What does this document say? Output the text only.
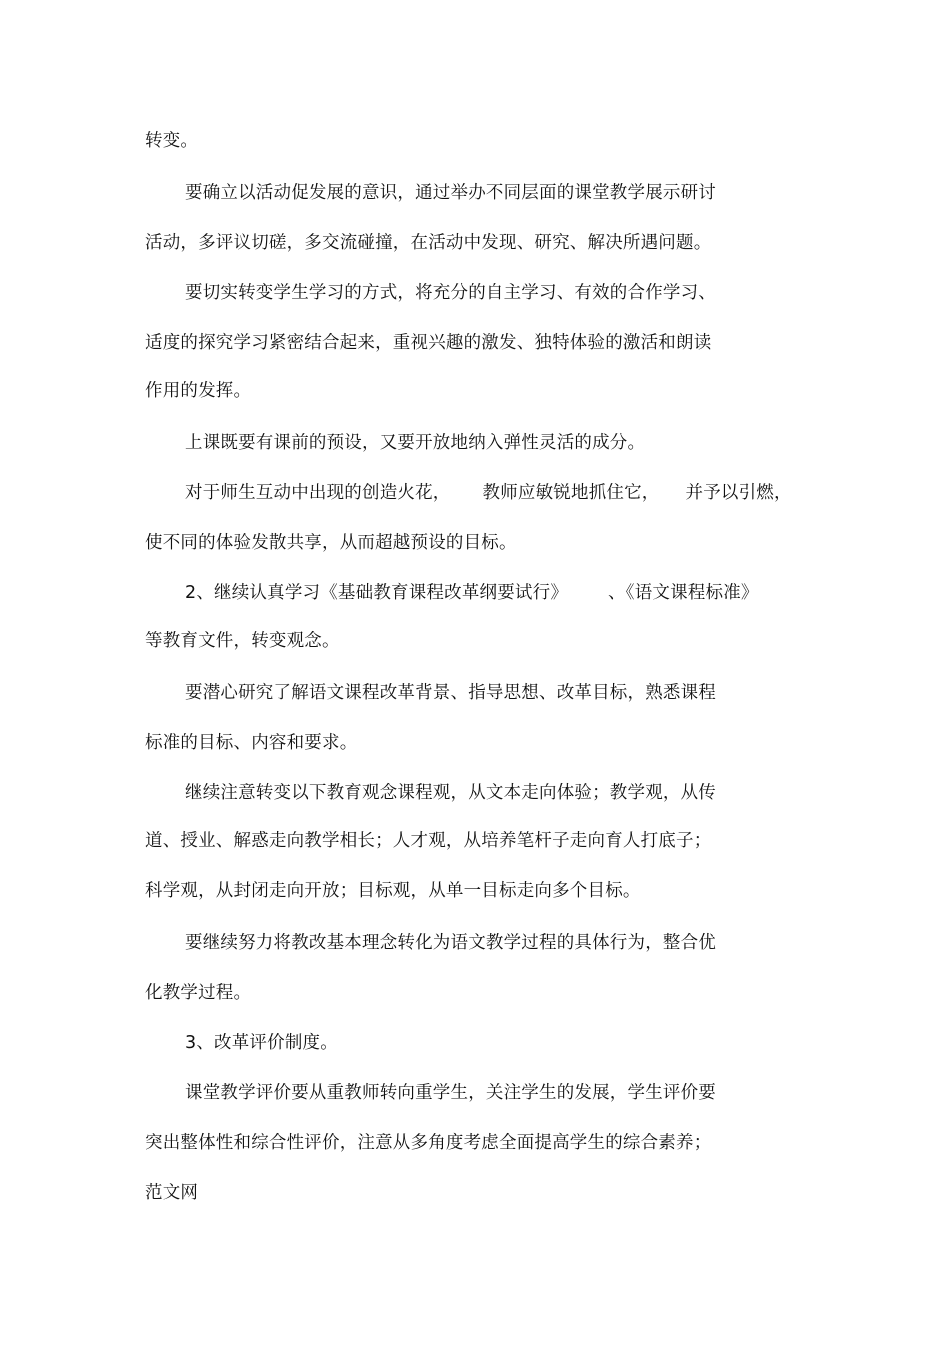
转变。
要确立以活动促发展的意识，通过举办不同层面的课堂教学展示研讨
活动，多评议切磋，多交流碰撞，在活动中发现、研究、解决所遇问题。
要切实转变学生学习的方式，将充分的自主学习、有效的合作学习、
适度的探究学习紧密结合起来，重视兴趣的激发、独特体验的激活和朗读
作用的发挥。
上课既要有课前的预设，又要开放地纳入弹性灵活的成分。
对于师生互动中出现的创造火花， 教师应敏锐地抓住它， 并予以引燃，
使不同的体验发散共享，从而超越预设的目标。
2、继续认真学习《基础教育课程改革纲要试行》 、《语文课程标准》
等教育文件，转变观念。
要潜心研究了解语文课程改革背景、指导思想、改革目标，熟悉课程
标准的目标、内容和要求。
继续注意转变以下教育观念课程观，从文本走向体验；教学观，从传
道、授业、解惑走向教学相长；人才观，从培养笔杆子走向育人打底子；
科学观，从封闭走向开放；目标观，从单一目标走向多个目标。
要继续努力将教改基本理念转化为语文教学过程的具体行为，整合优
化教学过程。
3、改革评价制度。
课堂教学评价要从重教师转向重学生，关注学生的发展，学生评价要
突出整体性和综合性评价，注意从多角度考虑全面提高学生的综合素养；
范文网
